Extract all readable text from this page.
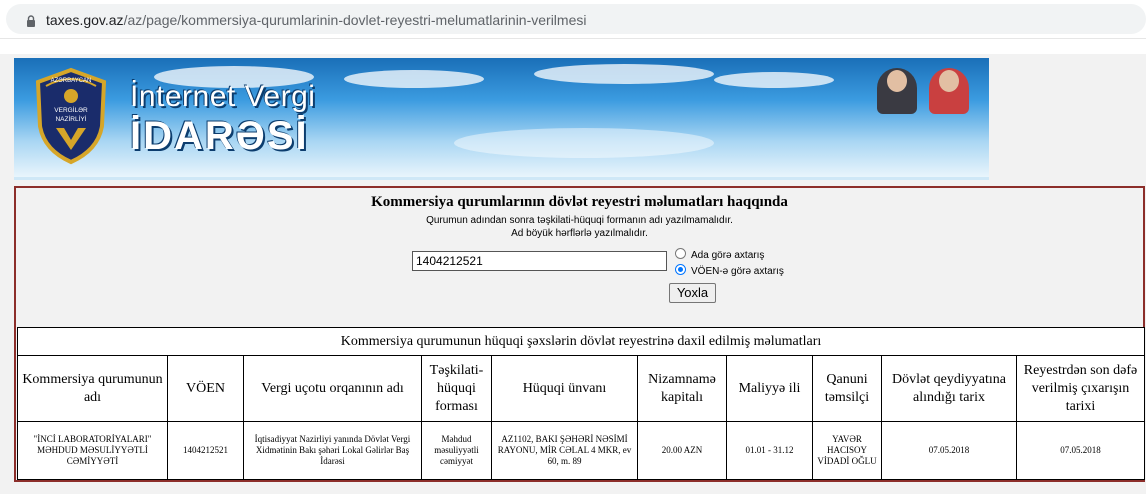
taxes.gov.az/az/page/kommersiya-qurumlarinin-dovlet-reyestri-melumatlarinin-verilmesi
AZƏRBAYCAN
VERGİLƏR
NAZİRLİYİ
İnternet Vergi
İDARƏSİ
Kommersiya qurumlarının dövlət reyestri məlumatları haqqında
Qurumun adından sonra təşkilati-hüquqi formanın adı yazılmamalıdır.
Ad böyük hərflərlə yazılmalıdır.
1404212521
Ada görə axtarış
VÖEN-ə görə axtarış
Yoxla
Kommersiya qurumunun hüquqi şəxslərin dövlət reyestrinə daxil edilmiş məlumatları									
Kommersiya qurumunun adı	VÖEN	Vergi uçotu orqanının adı	Təşkilati-hüquqi forması	Hüquqi ünvanı	Nizamnamə kapitalı	Maliyyə ili	Qanuni təmsilçi	Dövlət qeydiyyatına alındığı tarix	Reyestrdən son dəfə verilmiş çıxarışın tarixi
"İNCİ LABORATORİYALARI" MƏHDUD MƏSULİYYƏTLİ CƏMİYYƏTİ	1404212521	İqtisadiyyat Nazirliyi yanında Dövlət Vergi Xidmətinin Bakı şəhəri Lokal Gəlirlər Baş İdarəsi	Məhdud məsuliyyətli cəmiyyət	AZ1102, BAKI ŞƏHƏRİ NƏSİMİ RAYONU, MİR CƏLAL 4 MKR, ev 60, m. 89	20.00 AZN	01.01 - 31.12	YAVƏR HACISOY VİDADİ OĞLU	07.05.2018	07.05.2018
